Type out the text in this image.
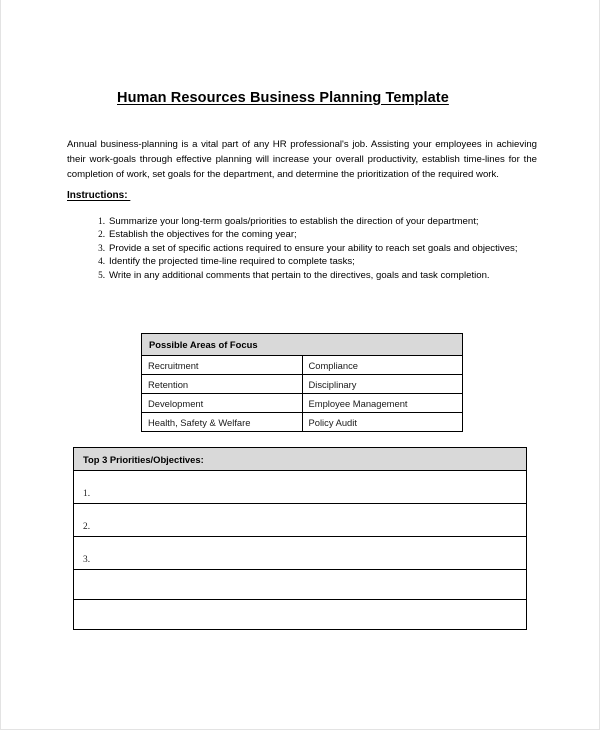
Human Resources Business Planning Template

Annual business-planning is a vital part of any HR professional's job. Assisting your employees in achieving their work-goals through effective planning will increase your overall productivity, establish time-lines for the completion of work, set goals for the department, and determine the prioritization of the required work.

Instructions:
1. Summarize your long-term goals/priorities to establish the direction of your department;
2. Establish the objectives for the coming year;
3. Provide a set of specific actions required to ensure your ability to reach set goals and objectives;
4. Identify the projected time-line required to complete tasks;
5. Write in any additional comments that pertain to the directives, goals and task completion.
Possible Areas of Focus	
Recruitment	Compliance
Retention	Disciplinary
Development	Employee Management
Health, Safety & Welfare	Policy Audit
Top 3 Priorities/Objectives:
1.
2.
3.
